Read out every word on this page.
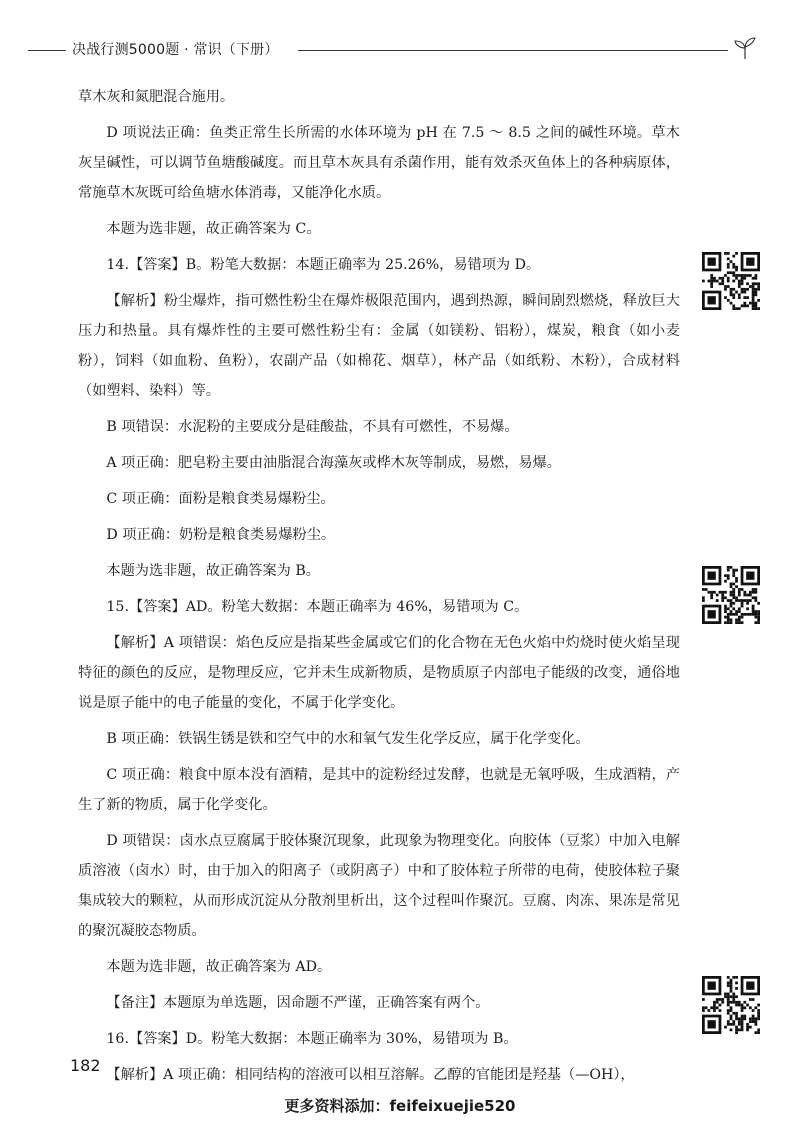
决战行测5000题 · 常识（下册）

草木灰和氮肥混合施用。

D 项说法正确：鱼类正常生长所需的水体环境为 pH 在 7.5 ～ 8.5 之间的碱性环境。草木灰呈碱性，可以调节鱼塘酸碱度。而且草木灰具有杀菌作用，能有效杀灭鱼体上的各种病原体，常施草木灰既可给鱼塘水体消毒，又能净化水质。

本题为选非题，故正确答案为 C。

14.【答案】B。粉笔大数据：本题正确率为 25.26%，易错项为 D。

【解析】粉尘爆炸，指可燃性粉尘在爆炸极限范围内，遇到热源，瞬间剧烈燃烧，释放巨大压力和热量。具有爆炸性的主要可燃性粉尘有：金属（如镁粉、铝粉），煤炭，粮食（如小麦粉），饲料（如血粉、鱼粉），农副产品（如棉花、烟草），林产品（如纸粉、木粉），合成材料（如塑料、染料）等。

B 项错误：水泥粉的主要成分是硅酸盐，不具有可燃性，不易爆。

A 项正确：肥皂粉主要由油脂混合海藻灰或桦木灰等制成，易燃，易爆。

C 项正确：面粉是粮食类易爆粉尘。

D 项正确：奶粉是粮食类易爆粉尘。

本题为选非题，故正确答案为 B。

15.【答案】AD。粉笔大数据：本题正确率为 46%，易错项为 C。

【解析】A 项错误：焰色反应是指某些金属或它们的化合物在无色火焰中灼烧时使火焰呈现特征的颜色的反应，是物理反应，它并未生成新物质，是物质原子内部电子能级的改变，通俗地说是原子能中的电子能量的变化，不属于化学变化。

B 项正确：铁锅生锈是铁和空气中的水和氧气发生化学反应，属于化学变化。

C 项正确：粮食中原本没有酒精，是其中的淀粉经过发酵，也就是无氧呼吸，生成酒精，产生了新的物质，属于化学变化。

D 项错误：卤水点豆腐属于胶体聚沉现象，此现象为物理变化。向胶体（豆浆）中加入电解质溶液（卤水）时，由于加入的阳离子（或阴离子）中和了胶体粒子所带的电荷，使胶体粒子聚集成较大的颗粒，从而形成沉淀从分散剂里析出，这个过程叫作聚沉。豆腐、肉冻、果冻是常见的聚沉凝胶态物质。

本题为选非题，故正确答案为 AD。

【备注】本题原为单选题，因命题不严谨，正确答案有两个。

16.【答案】D。粉笔大数据：本题正确率为 30%，易错项为 B。

【解析】A 项正确：相同结构的溶液可以相互溶解。乙醇的官能团是羟基（—OH），

182
更多资料添加：feifeixuejie520
